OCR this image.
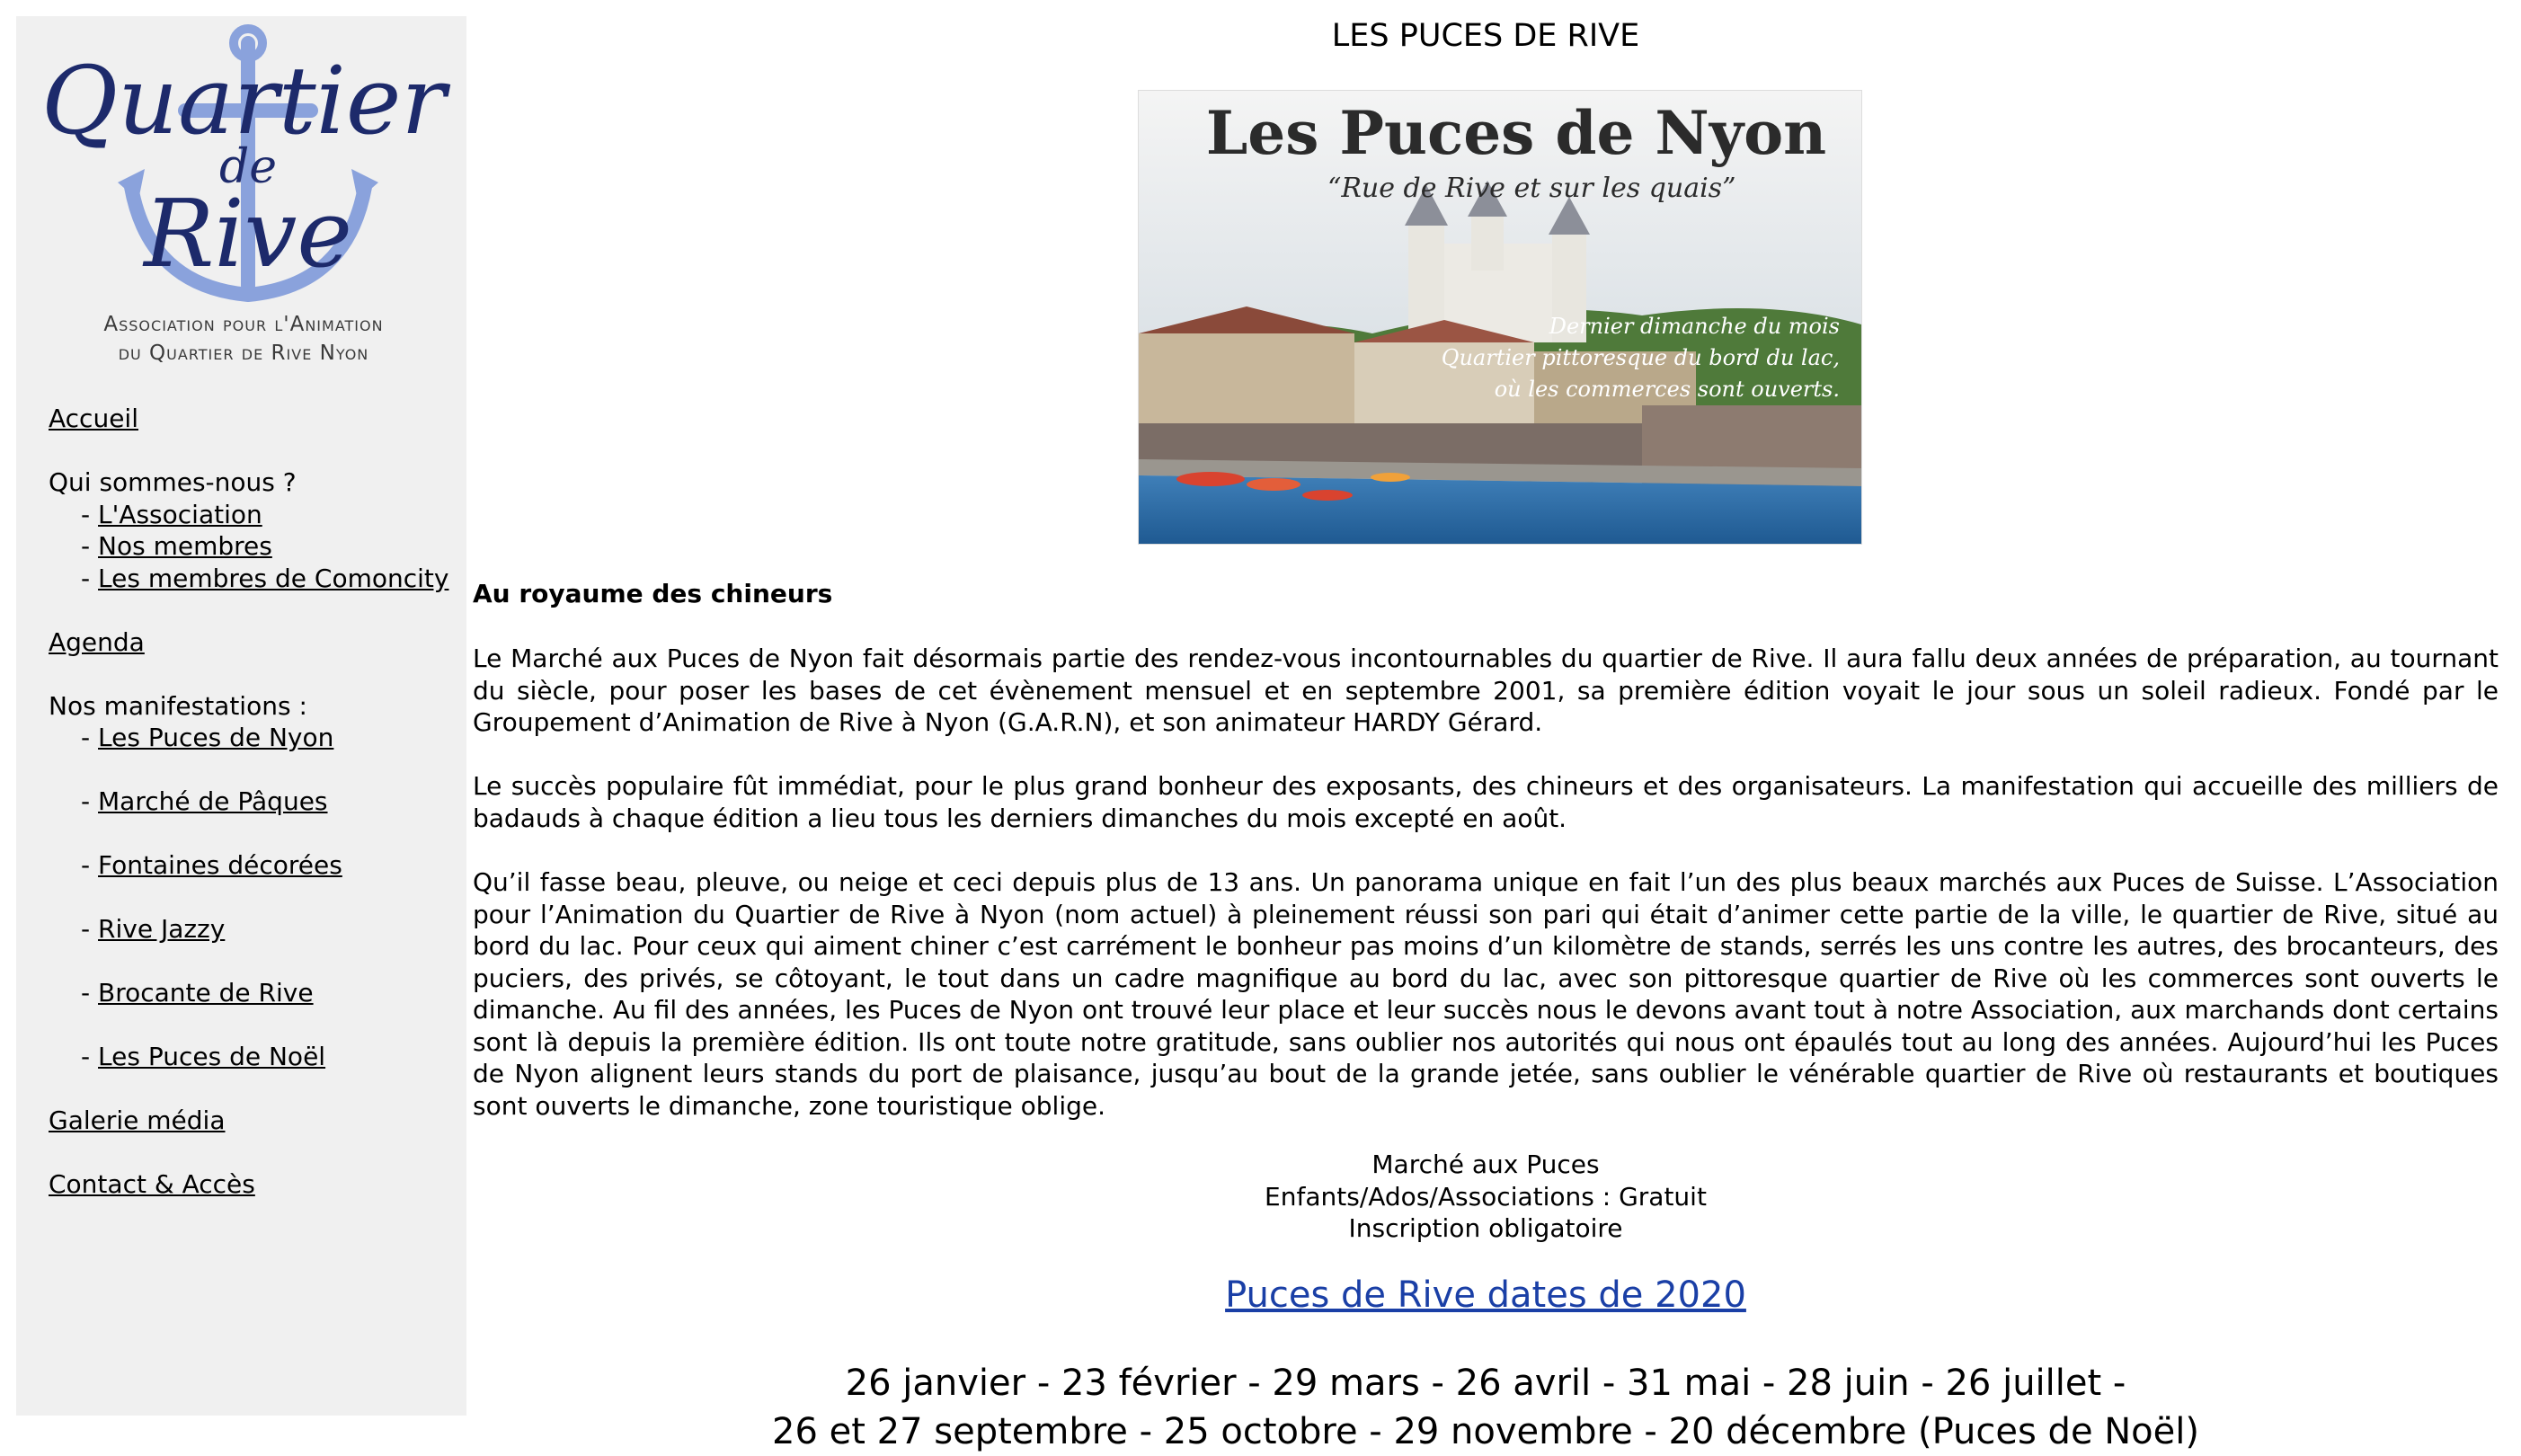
Quartier
de
Rive
Association pour l'Animation
du Quartier de Rive Nyon
Accueil
Qui sommes-nous ?
- L'Association
- Nos membres
- Les membres de Comoncity
Agenda
Nos manifestations :
- Les Puces de Nyon
- Marché de Pâques
- Fontaines décorées
- Rive Jazzy
- Brocante de Rive
- Les Puces de Noël
Galerie média
Contact & Accès
LES PUCES DE RIVE
Les Puces de Nyon
“Rue de Rive et sur les quais”
Dernier dimanche du mois
Quartier pittoresque du bord du lac,
où les commerces sont ouverts.
Au royaume des chineurs

Le Marché aux Puces de Nyon fait désormais partie des rendez-vous incontournables du quartier de Rive. Il aura fallu deux années de préparation, au tournant du siècle, pour poser les bases de cet évènement mensuel et en septembre 2001, sa première édition voyait le jour sous un soleil radieux. Fondé par le Groupement d’Animation de Rive à Nyon (G.A.R.N), et son animateur HARDY Gérard.

Le succès populaire fût immédiat, pour le plus grand bonheur des exposants, des chineurs et des organisateurs. La manifestation qui accueille des milliers de badauds à chaque édition a lieu tous les derniers dimanches du mois excepté en août.

Qu’il fasse beau, pleuve, ou neige et ceci depuis plus de 13 ans. Un panorama unique en fait l’un des plus beaux marchés aux Puces de Suisse. L’Association pour l’Animation du Quartier de Rive à Nyon (nom actuel) à pleinement réussi son pari qui était d’animer cette partie de la ville, le quartier de Rive, situé au bord du lac. Pour ceux qui aiment chiner c’est carrément le bonheur pas moins d’un kilomètre de stands, serrés les uns contre les autres, des brocanteurs, des puciers, des privés, se côtoyant, le tout dans un cadre magnifique au bord du lac, avec son pittoresque quartier de Rive où les commerces sont ouverts le dimanche. Au fil des années, les Puces de Nyon ont trouvé leur place et leur succès nous le devons avant tout à notre Association, aux marchands dont certains sont là depuis la première édition. Ils ont toute notre gratitude, sans oublier nos autorités qui nous ont épaulés tout au long des années. Aujourd’hui les Puces de Nyon alignent leurs stands du port de plaisance, jusqu’au bout de la grande jetée, sans oublier le vénérable quartier de Rive où restaurants et boutiques sont ouverts le dimanche, zone touristique oblige.

Marché aux Puces
Enfants/Ados/Associations : Gratuit
Inscription obligatoire
Puces de Rive dates de 2020
26 janvier - 23 février - 29 mars - 26 avril - 31 mai - 28 juin - 26 juillet -
26 et 27 septembre - 25 octobre - 29 novembre - 20 décembre (Puces de Noël)
